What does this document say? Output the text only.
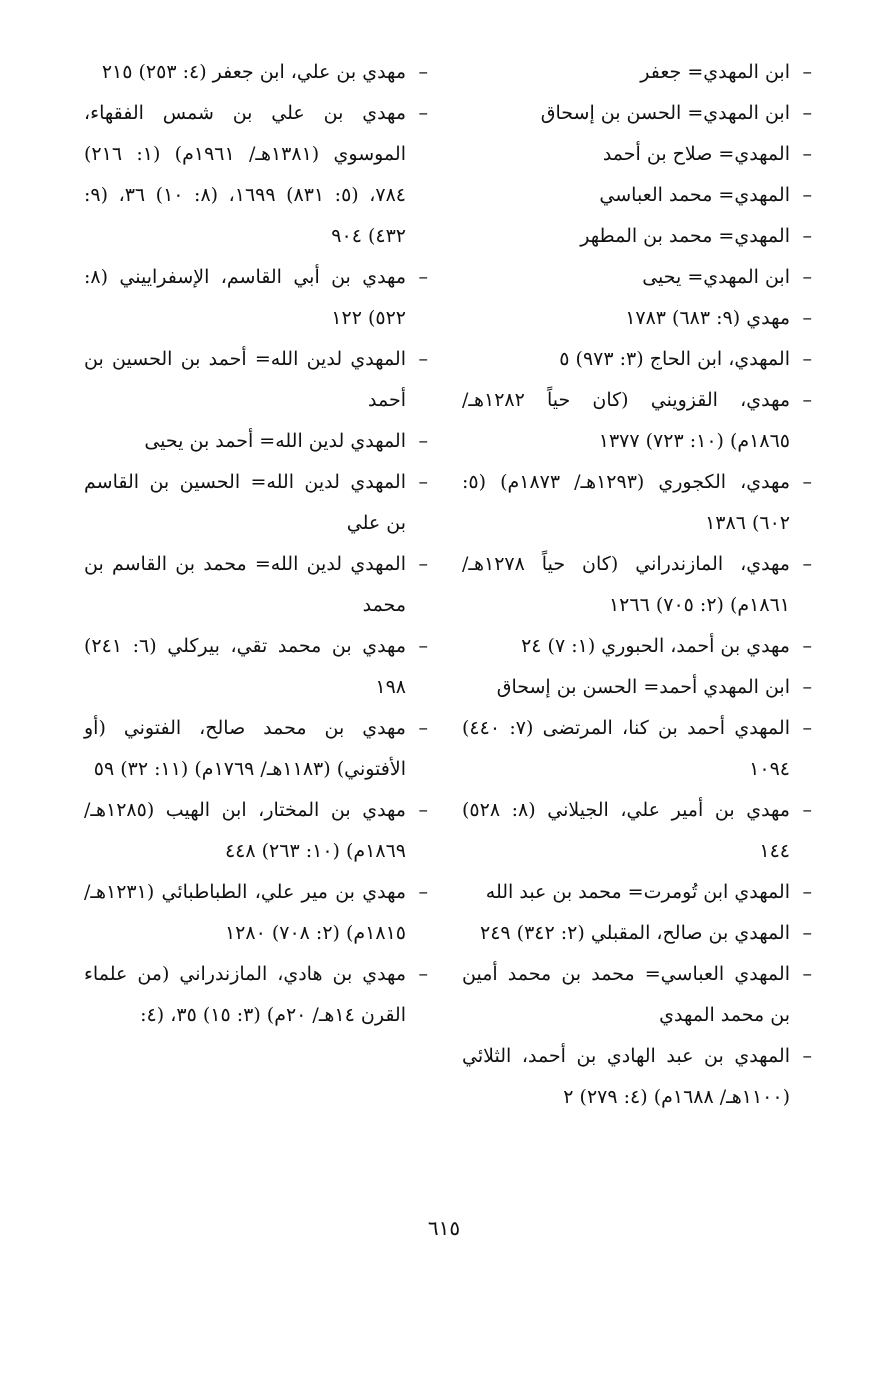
–
ابن المهدي= جعفر
–
ابن المهدي= الحسن بن إسحاق
–
المهدي= صلاح بن أحمد
–
المهدي= محمد العباسي
–
المهدي= محمد بن المطهر
–
ابن المهدي= يحيى
–
مهدي (٩: ٦٨٣) ١٧٨٣
–
المهدي، ابن الحاج (٣: ٩٧٣) ٥
–
مهدي، القزويني (كان حياً ١٢٨٢هـ/ ١٨٦٥م) (١٠: ٧٢٣) ١٣٧٧
–
مهدي، الكجوري (١٢٩٣هـ/ ١٨٧٣م) (٥: ٦٠٢) ١٣٨٦
–
مهدي، المازندراني (كان حياً ١٢٧٨هـ/ ١٨٦١م) (٢: ٧٠٥) ١٢٦٦
–
مهدي بن أحمد، الحبوري (١: ٧) ٢٤
–
ابن المهدي أحمد= الحسن بن إسحاق
–
المهدي أحمد بن كنا، المرتضى (٧: ٤٤٠) ١٠٩٤
–
مهدي بن أمير علي، الجيلاني (٨: ٥٢٨) ١٤٤
–
المهدي ابن تُومرت= محمد بن عبد الله
–
المهدي بن صالح، المقبلي (٢: ٣٤٢) ٢٤٩
–
المهدي العباسي= محمد بن محمد أمين بن محمد المهدي
–
المهدي بن عبد الهادي بن أحمد، الثلائي (١١٠٠هـ/ ١٦٨٨م) (٤: ٢٧٩) ٢
–
مهدي بن علي، ابن جعفر (٤: ٢٥٣) ٢١٥
–
مهدي بن علي بن شمس الفقهاء، الموسوي (١٣٨١هـ/ ١٩٦١م) (١: ٢١٦) ٧٨٤، (٥: ٨٣١) ١٦٩٩، (٨: ١٠) ٣٦، (٩: ٤٣٢) ٩٠٤
–
مهدي بن أبي القاسم، الإسفراييني (٨: ٥٢٢) ١٢٢
–
المهدي لدين الله= أحمد بن الحسين بن أحمد
–
المهدي لدين الله= أحمد بن يحيى
–
المهدي لدين الله= الحسين بن القاسم بن علي
–
المهدي لدين الله= محمد بن القاسم بن محمد
–
مهدي بن محمد تقي، بيركلي (٦: ٢٤١) ١٩٨
–
مهدي بن محمد صالح، الفتوني (أو الأفتوني) (١١٨٣هـ/ ١٧٦٩م) (١١: ٣٢) ٥٩
–
مهدي بن المختار، ابن الهيب (١٢٨٥هـ/ ١٨٦٩م) (١٠: ٢٦٣) ٤٤٨
–
مهدي بن مير علي، الطباطبائي (١٢٣١هـ/ ١٨١٥م) (٢: ٧٠٨) ١٢٨٠
–
مهدي بن هادي، المازندراني (من علماء القرن ١٤هـ/ ٢٠م) (٣: ١٥) ٣٥، (٤:
٦١٥
